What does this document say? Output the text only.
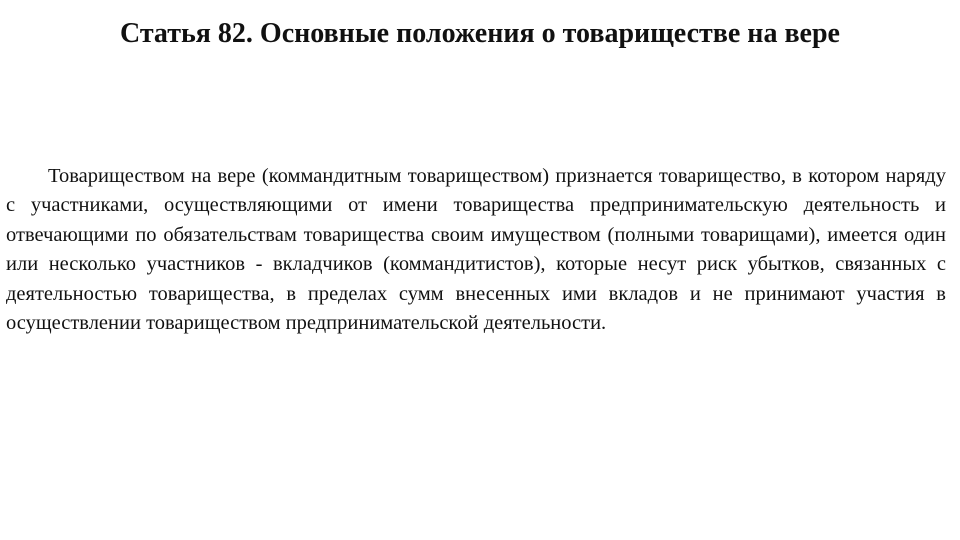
Статья 82. Основные положения о товариществе на вере

Товариществом на вере (коммандитным товариществом) признается товарищество, в котором наряду с участниками, осуществляющими от имени товарищества предпринимательскую деятельность и отвечающими по обязательствам товарищества своим имуществом (полными товарищами), имеется один или несколько участников - вкладчиков (коммандитистов), которые несут риск убытков, связанных с деятельностью товарищества, в пределах сумм внесенных ими вкладов и не принимают участия в осуществлении товариществом предпринимательской деятельности.
